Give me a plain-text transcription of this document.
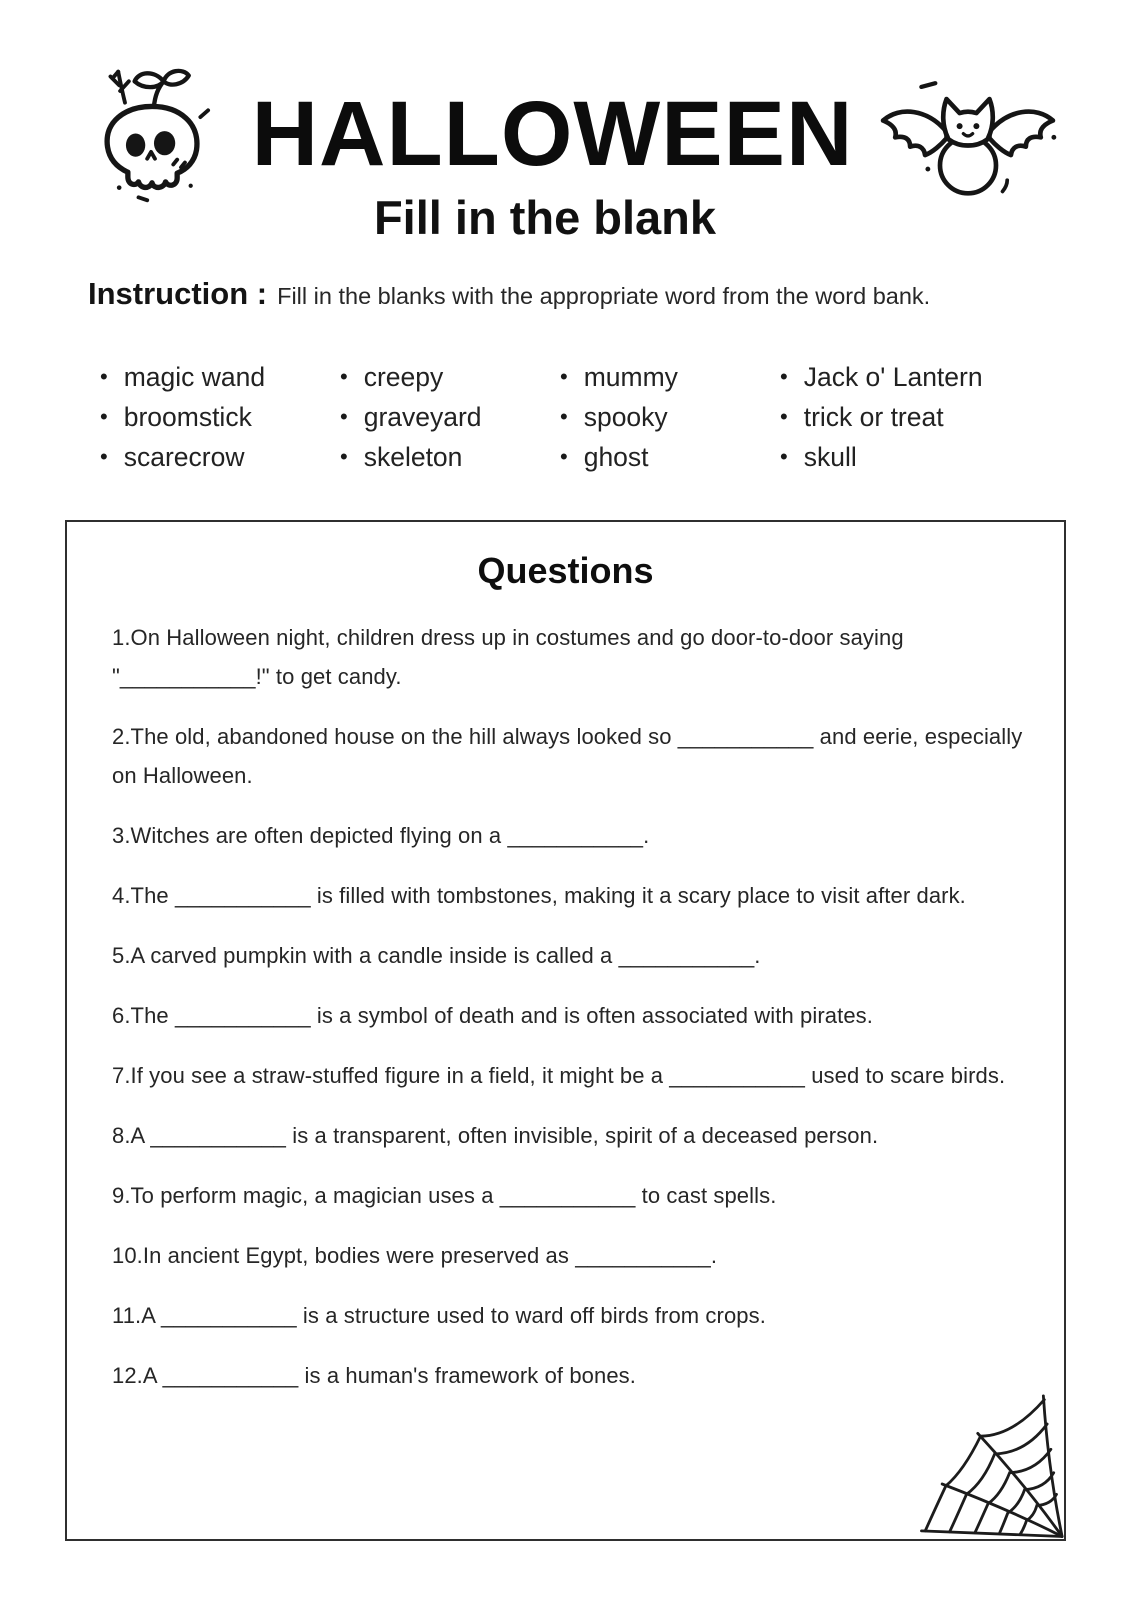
HALLOWEEN
Fill in the blank
Instruction : Fill in the blanks with the appropriate word from the word bank.
• magic wand
• broomstick
• scarecrow
• creepy
• graveyard
• skeleton
• mummy
• spooky
• ghost
• Jack o' Lantern
• trick or treat
• skull
Questions

1.On Halloween night, children dress up in costumes and go door-to-door saying "___________!" to get candy.

2.The old, abandoned house on the hill always looked so ___________ and eerie, especially on Halloween.

3.Witches are often depicted flying on a ___________.

4.The ___________ is filled with tombstones, making it a scary place to visit after dark.

5.A carved pumpkin with a candle inside is called a ___________.

6.The ___________ is a symbol of death and is often associated with pirates.

7.If you see a straw-stuffed figure in a field, it might be a ___________ used to scare birds.

8.A ___________ is a transparent, often invisible, spirit of a deceased person.

9.To perform magic, a magician uses a ___________ to cast spells.

10.In ancient Egypt, bodies were preserved as ___________.

11.A ___________ is a structure used to ward off birds from crops.

12.A ___________ is a human's framework of bones.
